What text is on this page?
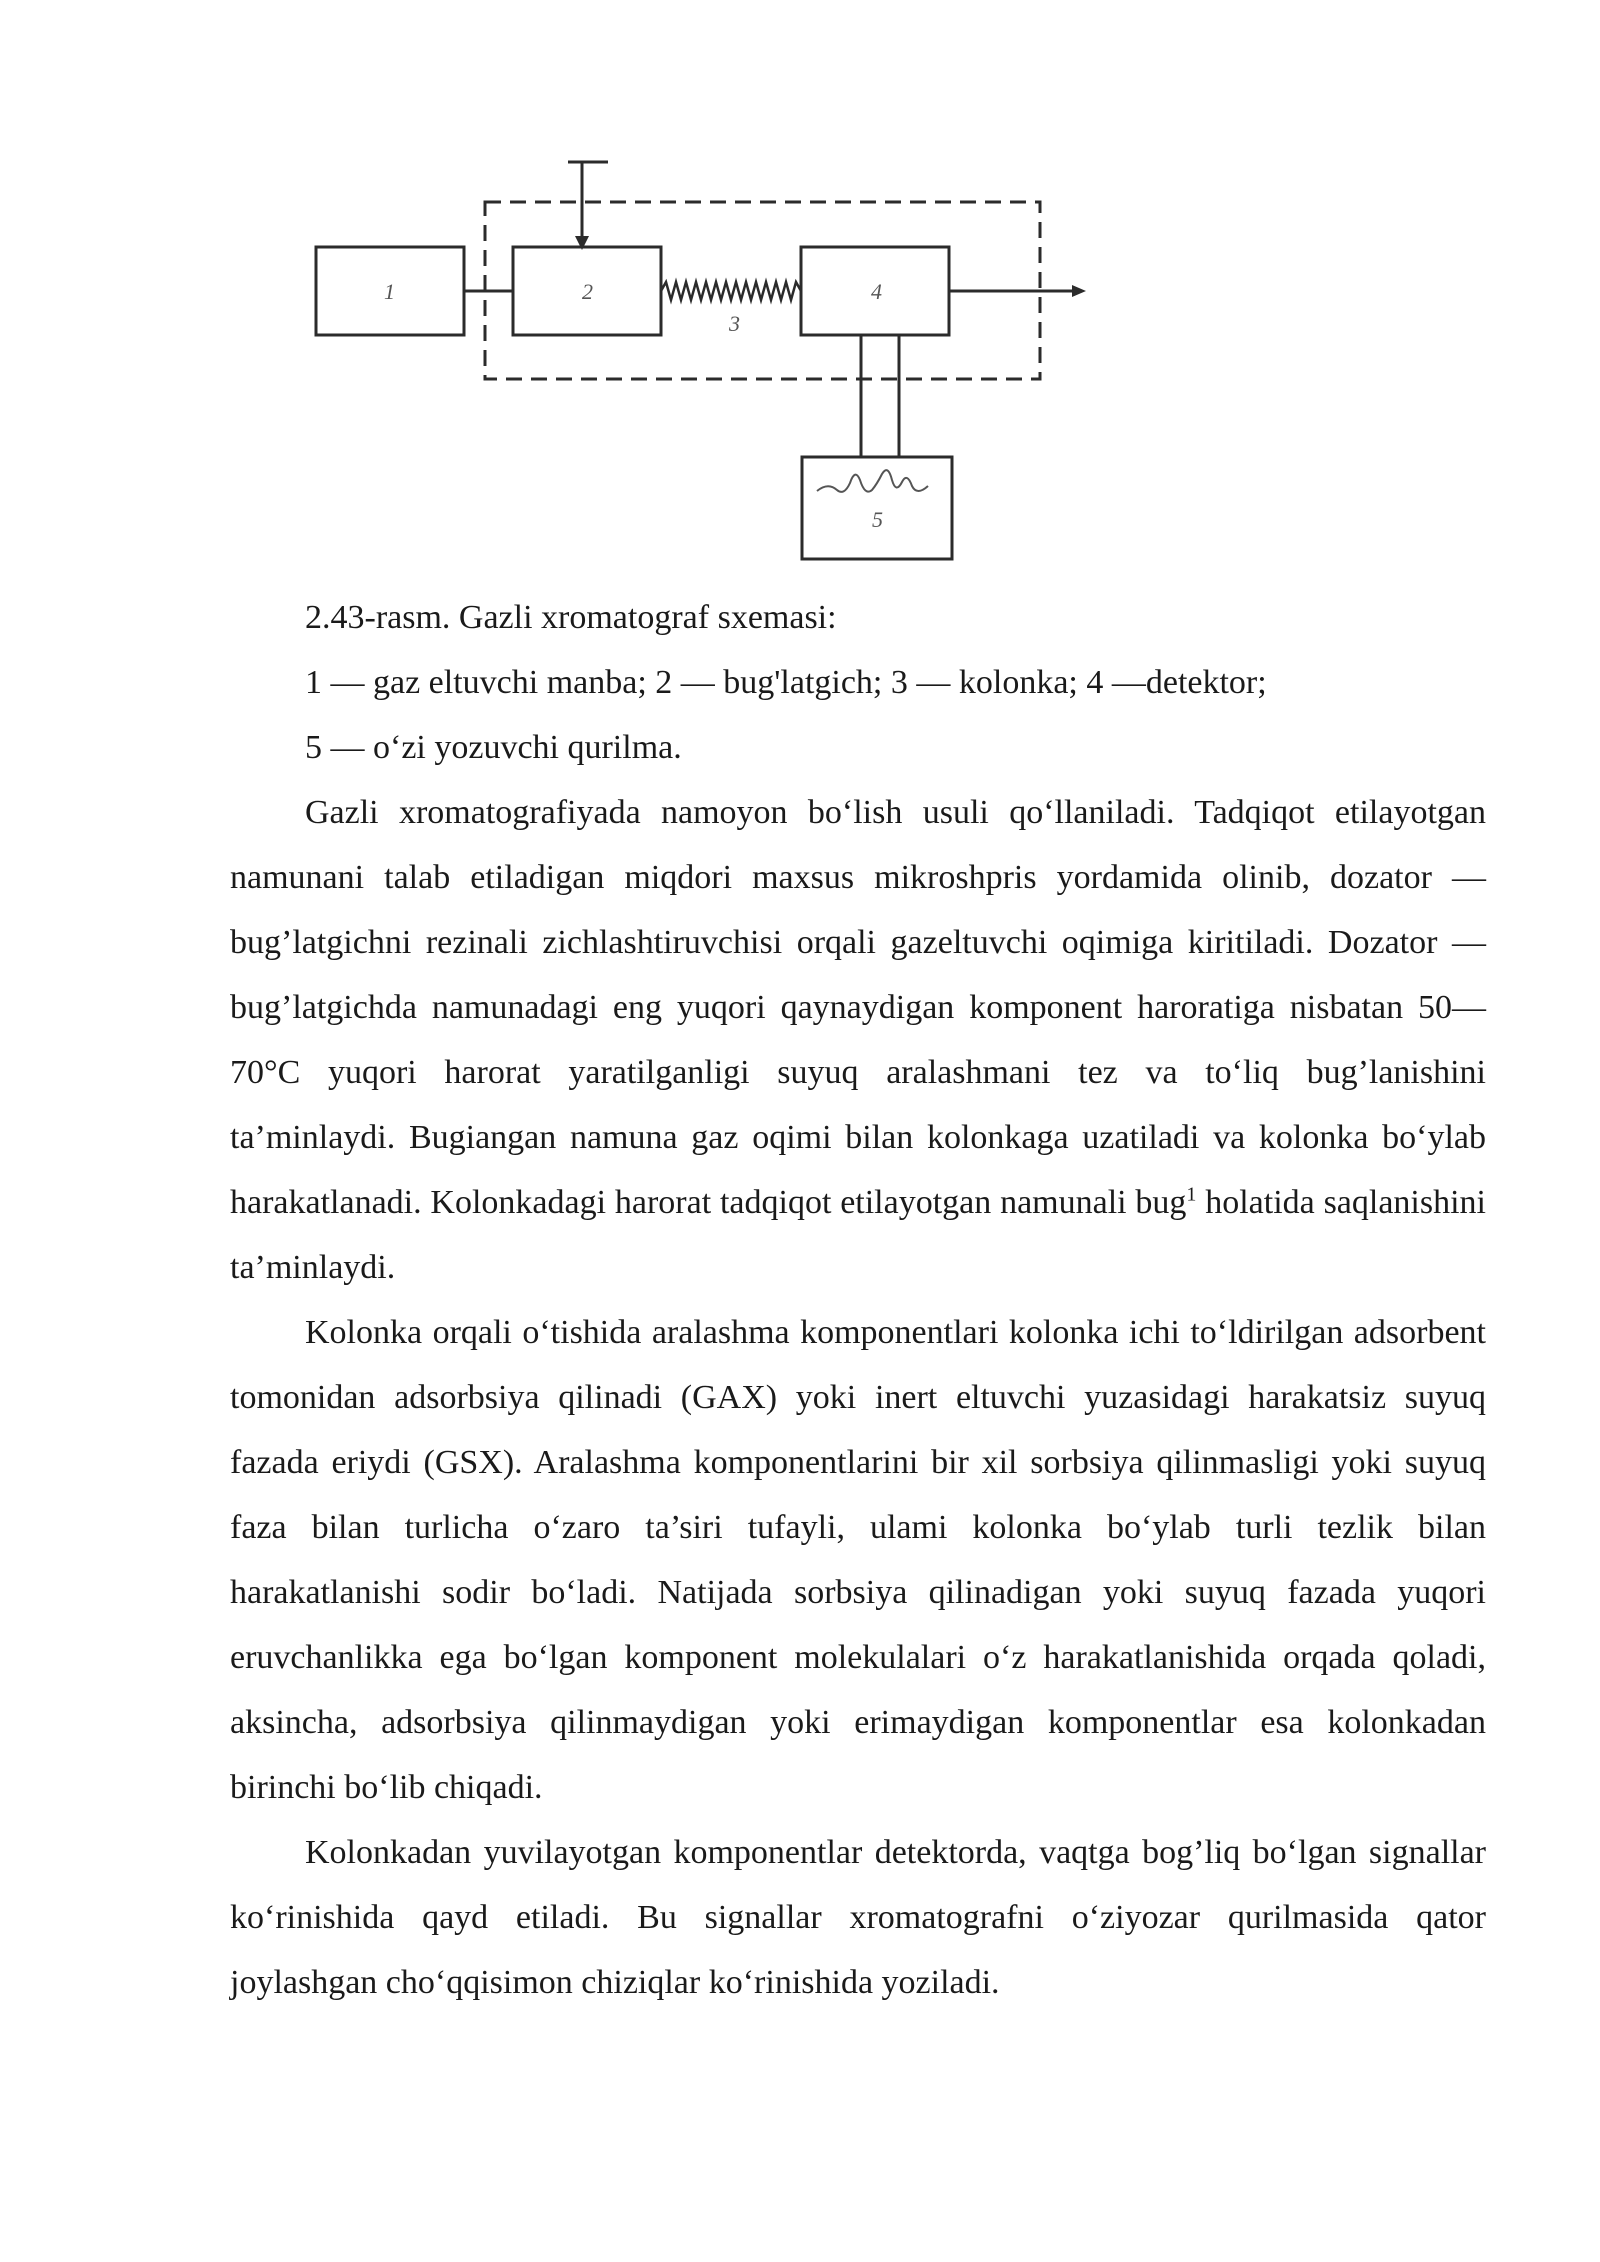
1	2
3
4
5

2.43-rasm. Gazli xromatograf sxemasi:

1 — gaz eltuvchi manba; 2 — bug'latgich; 3 — kolonka; 4 —detektor;

5 — o‘zi yozuvchi qurilma.

Gazli xromatografiyada namoyon bo‘lish usuli qo‘llaniladi. Tadqiqot etilayotgan namunani talab etiladigan miqdori maxsus mikroshpris yordamida olinib, dozator — bug’latgichni rezinali zichlashtiruvchisi orqali gazeltuvchi oqimiga kiritiladi. Dozator — bug’latgichda namunadagi eng yuqori qaynaydigan komponent haroratiga nisbatan 50—70°C yuqori harorat yaratilganligi suyuq aralashmani tez va to‘liq bug’lanishini ta’minlaydi. Bugiangan namuna gaz oqimi bilan kolonkaga uzatiladi va kolonka bo‘ylab harakatlanadi. Kolonkadagi harorat tadqiqot etilayotgan namunali bug$^1$ holatida saqlanishini ta’minlaydi.

Kolonka orqali o‘tishida aralashma komponentlari kolonka ichi to‘ldirilgan adsorbent tomonidan adsorbsiya qilinadi (GAX) yoki inert eltuvchi yuzasidagi harakatsiz suyuq fazada eriydi (GSX). Aralashma komponentlarini bir xil sorbsiya qilinmasligi yoki suyuq faza bilan turlicha o‘zaro ta’siri tufayli, ulami kolonka bo‘ylab turli tezlik bilan harakatlanishi sodir bo‘ladi. Natijada sorbsiya qilinadigan yoki suyuq fazada yuqori eruvchanlikka ega bo‘lgan komponent molekulalari o‘z harakatlanishida orqada qoladi, aksincha, adsorbsiya qilinmaydigan yoki erimaydigan komponentlar esa kolonkadan birinchi bo‘lib chiqadi.

Kolonkadan yuvilayotgan komponentlar detektorda, vaqtga bog’liq bo‘lgan signallar ko‘rinishida qayd etiladi. Bu signallar xromatografni o‘ziyozar qurilmasida qator joylashgan cho‘qqisimon chiziqlar ko‘rinishida yoziladi.
